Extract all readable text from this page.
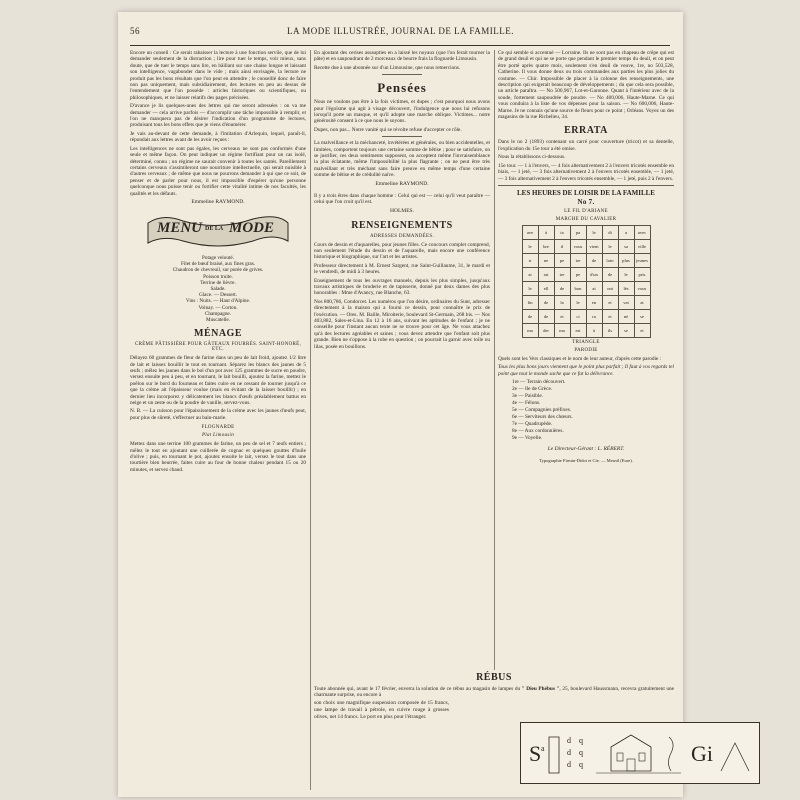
56	LA MODE ILLUSTRÉE, JOURNAL DE LA FAMILLE.

Encore un conseil : Ce serait rabaisser la lecture à une fonction servile, que de lui demander seulement de la distraction ; lire pour tuer le temps, voir mieux, sans doute, que de tuer le temps sans lire, en bâillant sur une chaise longue et laissant son intelligence, vagabonder dans le vide ; mais ainsi envisagée, la lecture ne produit pas les bons résultats que l'on peut en attendre ; le conseillé donc de faire non pas uniquement, mais subsidiairement, des lectures en peu au dessus de l'entendement que l'on possède : articles historiques ou scientifiques, ou philosophiques, et ne laisser relatifs des pages précisées.

D'avance je lis quelques-unes des lettres qui me seront adressées : on va me demander — cela arrive parfois — d'accomplir une tâche impossible à remplir, et l'on ne manquera pas de désirer l'indication d'un programme de lectures, produisant tous les bons effets que je viens d'énumérer.

Je vais au-devant de cette demande, à l'imitation d'Arlequin, lequel, paraît-il, répondait aux lettres avant de les avoir reçues :

Les intelligences ne sont pas égales, les cerveaux ne sont pas conformés d'une seule et même façon. On peut indiquer un régime fortifiant pour un cas isolé, déterminé, connu ; un régime ne saurait convenir à toutes les santés. Pareillement certains cerveaux s'assimileront une nourriture intellectuelle, qui serait nuisible à d'autres cerveaux ; de même que nous ne pourrons demander à qui que ce soit, de penser et de parler pour nous, il est impossible d'espérer qu'une personne quelconque nous puisse tenir ou fortifier cette vitalité intime de nos facultés, les qualités et les défauts.

Emmeline RAYMOND.

MENU DE LA MODE
Potage velouté.
Filet de bœuf braisé, aux fines gras.
Chaudron de chevreuil, sur purée de grives.
Poisson truite.
Terrine de lièvre.
Salade.
Glace. — Dessert.
Vins : Nuits. — Haut d'Alpine.
Volnay. — Corton.
Champagne.
Muscatelle.
MÉNAGE

CRÈME PÂTISSIÈRE POUR GÂTEAUX FOURRÉS. SAINT-HONORÉ, ETC.

Délayez 60 grammes de fleur de farine dans un peu de lait froid, ajoutez 1/2 litre de lait et laissez bouillir le tout en tournant. Séparez les blancs des jaunes de 5 œufs ; mêlez les jaunes dans le bol d'un pot avec 125 grammes de sucre en poudre, versez ensuite peu à peu, et en tournant, le lait bouilli, ajoutez la farine, mettez le poêlon sur le bord du fourneau et faites cuire en ne cessant de tourner jusqu'à ce que la crème ait l'épaisseur voulue (mais en évitant de la laisser bouillir) ; en dernier lieu incorporez y délicatement les blancs d'œufs préalablement battus en neige et un zeste ou de la poudre de vanille, servez-vous.

N. B. — La cuisson pour l'épaississement de la crème avec les jaunes d'œufs peut, pour plus de sûreté, s'effectuer au bain-marie.

FLOGNARDE

Plat Limousin

Mettez dans une terrine 100 grammes de farine, un peu de sel et 7 œufs entiers ; mêlez le tout en ajoutant une cuillerée de cognac et quelques gouttes d'huile d'olive ; puis, en tournant le pot, ajoutez ensuite le lait, versez le tout dans une tourtière bien beurrée, faites cuire au four de bonne chaleur pendant 15 ou 20 minutes, et servez chaud.

En ajoutant des cerises assaupties en a laissé les noyaux (que l'on ferait tourner la pâte) et en saupoudrant de 2 morceaux de beurre frais la flognarde Limousin.

Recette due à une abonnée sur d'un Limousine, que nous remercions.

Pensées

Nous ne voulons pas être à la fois victimes, et dupes ; c'est pourquoi nous avons pour l'égoïsme qui agit à visage découvert, l'indulgence que nous lui refusons lorsqu'il porte un masque, et qu'il adopte une marche oblique. Victimes... notre générosité consent à ce que nous le soyons.

Dupes, non pas... Notre vanité qui se révolte refuse d'accepter ce rôle.

La malveillance et la méchanceté, invétérées et générales, ou bien accidentelles, et limitées, comportent toujours une certaine somme de bêtise ; pour se satisfaire, on se justifier, ces deux sentiments supposent, ou acceptent même l'invraisemblance la plus éclatante, même l'impossibilité la plus flagrante ; on ne peut être très malveillant et très méchant sans faire preuve en même temps d'une certaine somme de bêtise et de crédulité naïve.

Emmeline RAYMOND.

Il y a trois êtres dans chaque homme : Celui qui est — celui qu'il veut paraître — celui que l'on croit qu'il est.

HOLMES.

RENSEIGNEMENTS

ADRESSES DEMANDÉES.

Cours de dessin et d'aquarelles, pour jeunes filles. Ce concours complet comprend, non seulement l'étude du dessin et de l'aquarelle, mais encore une conférence historique et biographique, sur l'art et les artistes.

Professeur directement à M. Ernest Sargent, rue Saint-Guillaume, 31, le mardi et le vendredi, de midi à 3 heures.

Enseignement de tous les ouvrages manuels, depuis les plus simples, jusqu'aux travaux artistiques de broderie et de tapisserie, donné par deux dames des plus honorables : Mme d'Avancy, rue Blanche, 63.

Nos 800,786, Condorcet. Les numéros que l'on désire, ordinaires du Sunt, adresser directement à la maison qui a fourni ce dessin, pour connaître le prix de l'exécution. — Ores. M. Baille, Miroiterie, boulevard St-Germain, 268 bis. — Nos 403,882, Sales-et-Lina. En 12 à 16 ans, suivant les aptitudes de l'enfant ; je ne conseille pour l'instant aucun texte ne se trouve pour cet âge. Ne vous attachez qu'à des lectures agréables et saines ; vous devez attendre que l'enfant soit plus grande. Bien ne s'oppose à la robe en question ; on pourrait la garnir avec toile ou lilas, posée en bouillons.

Ce qui semble si accentué — Lorraine. Ils ne sont pas en chapeau de crêpe qui est de grand deuil et qui ne se porte que pendant le premier temps du deuil, et on peut être porté après quatre mois, seulement s'en deuil de veuve, 1re, no 503,528, Catherine. Il vous donne deux ou trois commandes aux parties les plus jolies du costume. — Chir. Impossible de placer à la colonne des renseignements, une description qui exigerait beaucoup de développements ; du que cela sera possible, un article paraîtra. — No 500,967, Lot-et-Garonne. Quant à l'intérieur avec de la soude, fortement saupoudrée de poudre. — No 400,006, Haute-Marne. Ce qui vous conduira à la liste de vos dépenses pour la saison. — No 600,006, Haute-Marne. Je ne connais qu'une source de fleurs pour ce point ; Orléans. Voyez un des magasins de la rue Richelieu, 34.

ERRATA

Dans le no 2 (1893) contenant un carré pour couverture (tricot) et sa dentelle, l'explication du 15e tour a été omise.

Nous la rétablissons ci-dessous.

15e tour. — 1 à l'envers, — 4 fois alternativement 2 à l'envers tricotés ensemble en biais, — 1 jeté, — 3 fois alternativement 2 à l'envers tricotés ensemble, — 1 jeté, — 3 fois alternativement 2 à l'envers tricotés ensemble, — 1 jeté, puis 2 à l'envers.

LES HEURES DE LOISIR DE LA FAMILLE

No 7.

LE FIL D'ARIANE

MARCHE DU CAVALIER

ave	à	ta	pa	le	di	a	avec
le	bre	il	vous	vient	le	sa	ville
tr	ne	pe	tre	de	loin	plus	jeunes
ai	rat	tre	pe	d'un	de	le	pris
le	ell	de	bon	ai	ont	lés	vous
fin	de	la	le	en	et	vai	at
de	de	et	ci	ra	et	nè	se
ma	der	ma	est	à	ils	se	et

TRIANGLE

PARODIE

Quels sont les Vers classiques et le nom de leur auteur, d'après cette parodie :

Tous les plus bons jours viennent que le point plus parfait ; Il faut à vos regards tel point que tout le monde sache que ce fut la délivrance.

1re — Terrain découvert.
2e — Ile de Grèce.
3e — Paisible.
4e — Félons.
5e — Compagnies préfixes.
6e — Serviteurs des chœurs.
7e — Quadrupède.
8e — Aux cordonnières.
9e — Voyelle.

Le Directeur-Gérant : L. RÉBERT.

Typographie Firmin-Didot et Cie. — Mesnil (Eure).

RÉBUS

Toute abonnée qui, avant le 17 février, enverra la solution de ce rébus au magasin de lampes du " Dieu Phébus ", 25, boulevard Haussmann, recevra gratuitement une charmante surprise, ou encore à

son choix une magnifique suspension composée de 15 francs, une lampe de travail à pétrole, en cuivre rouge à grosses olives, net 14 francs. Le port en plus pour l'étranger.
S a
d
d
d
q
q
q	Gi
